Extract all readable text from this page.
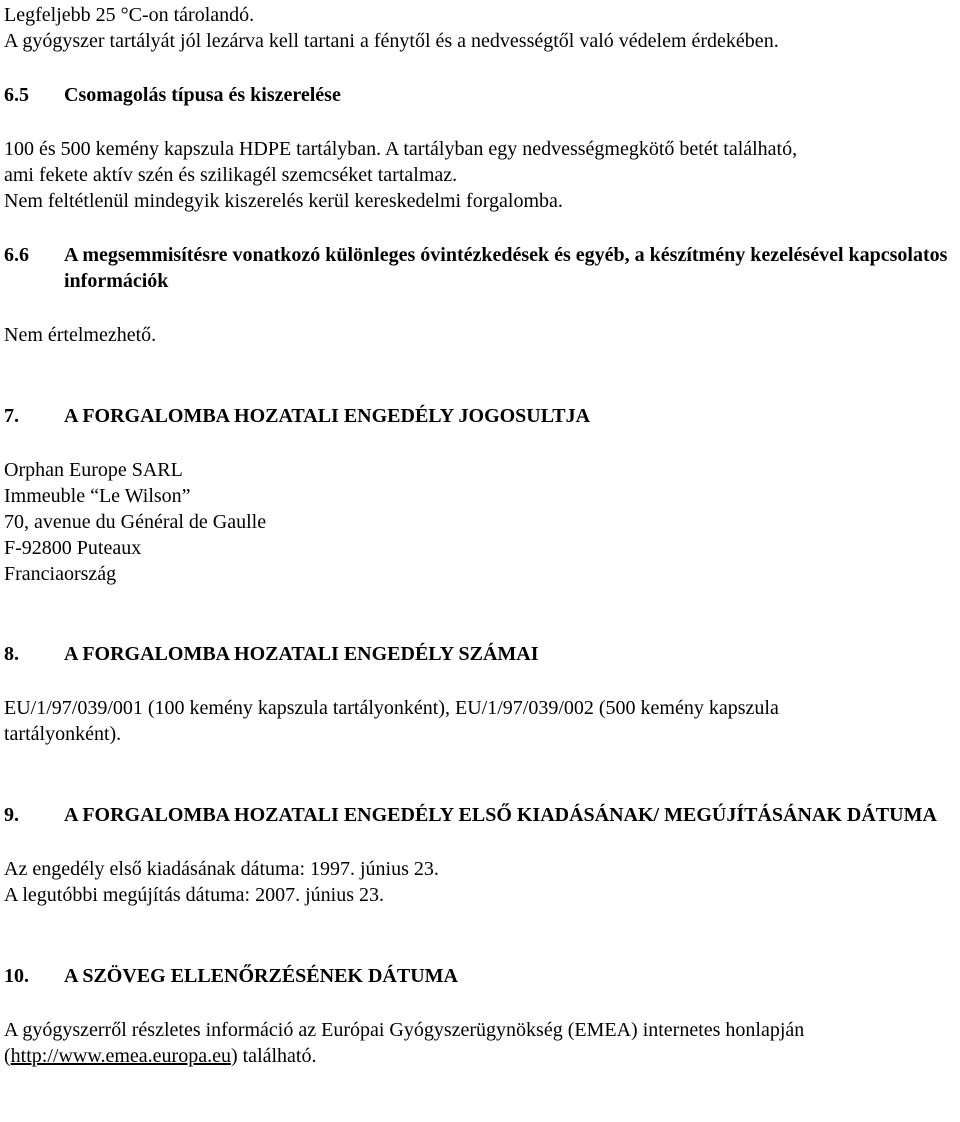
Legfeljebb 25 °C-on tárolandó.

A gyógyszer tartályát jól lezárva kell tartani a fénytől és a nedvességtől való védelem érdekében.

6.5	Csomagolás típusa és kiszerelése

100 és 500 kemény kapszula HDPE tartályban. A tartályban egy nedvességmegkötő betét található,

ami fekete aktív szén és szilikagél szemcséket tartalmaz.

Nem feltétlenül mindegyik kiszerelés kerül kereskedelmi forgalomba.

6.6	A megsemmisítésre vonatkozó különleges óvintézkedések és egyéb, a készítmény kezelésével kapcsolatos információk

Nem értelmezhető.

7.	A FORGALOMBA HOZATALI ENGEDÉLY JOGOSULTJA

Orphan Europe SARL

Immeuble “Le Wilson”

70, avenue du Général de Gaulle

F-92800 Puteaux

Franciaország

8.	A FORGALOMBA HOZATALI ENGEDÉLY SZÁMAI

EU/1/97/039/001 (100 kemény kapszula tartályonként), EU/1/97/039/002 (500 kemény kapszula

tartályonként).

9.	A FORGALOMBA HOZATALI ENGEDÉLY ELSŐ KIADÁSÁNAK/ MEGÚJÍTÁSÁNAK DÁTUMA

Az engedély első kiadásának dátuma: 1997. június 23.

A legutóbbi megújítás dátuma: 2007. június 23.

10.	A SZÖVEG ELLENŐRZÉSÉNEK DÁTUMA

A gyógyszerről részletes információ az Európai Gyógyszerügynökség (EMEA) internetes honlapján

(http://www.emea.europa.eu) található.
